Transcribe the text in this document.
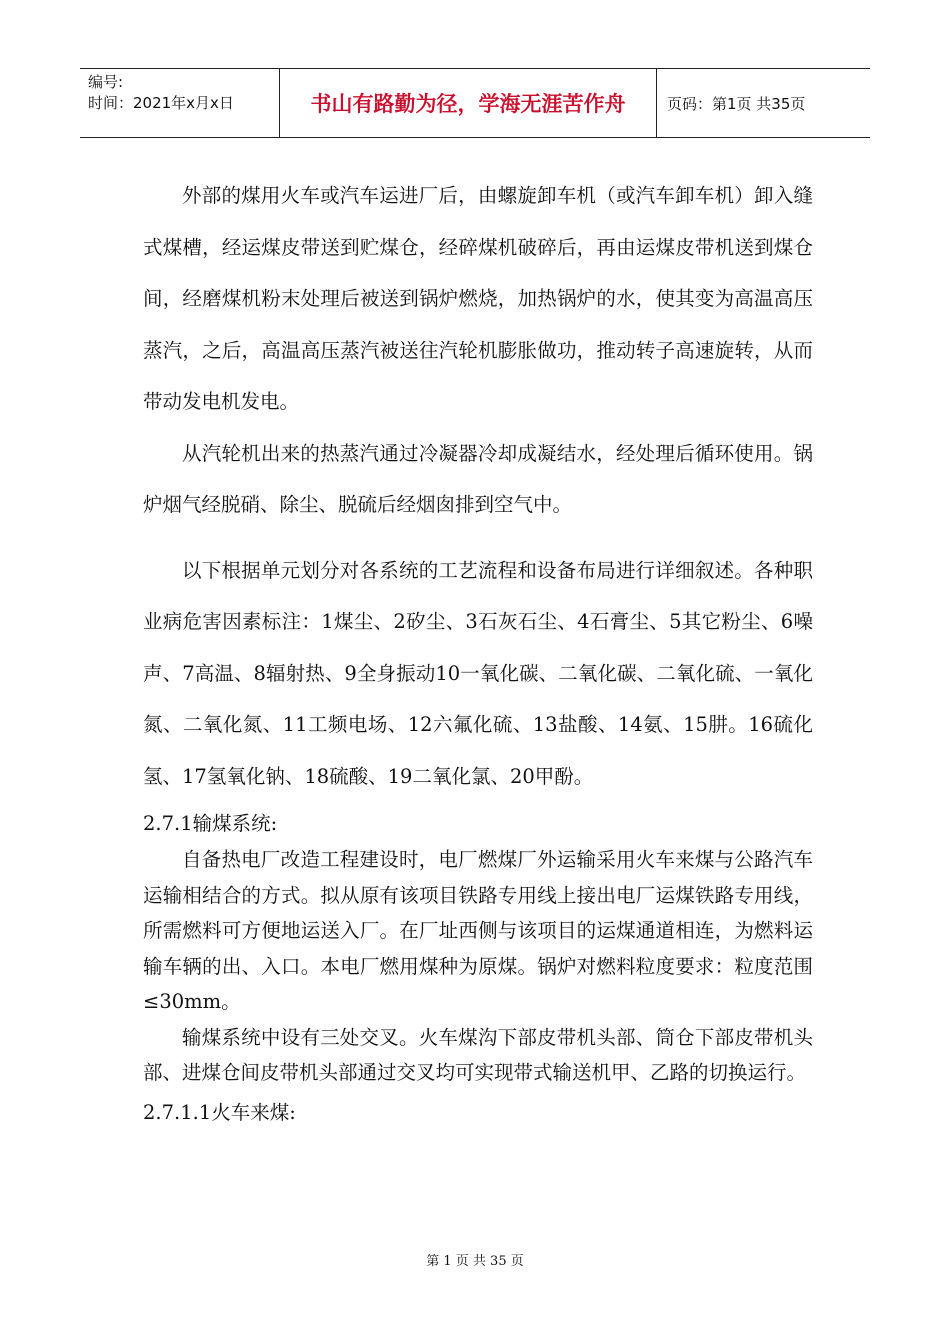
编号:
时间：2021年x月x日	书山有路勤为径，学海无涯苦作舟	页码：第1页 共35页

外部的煤用火车或汽车运进厂后，由螺旋卸车机（或汽车卸车机）卸入缝式煤槽，经运煤皮带送到贮煤仓，经碎煤机破碎后，再由运煤皮带机送到煤仓间，经磨煤机粉末处理后被送到锅炉燃烧，加热锅炉的水，使其变为高温高压蒸汽，之后，高温高压蒸汽被送往汽轮机膨胀做功，推动转子高速旋转，从而带动发电机发电。

从汽轮机出来的热蒸汽通过冷凝器冷却成凝结水，经处理后循环使用。锅炉烟气经脱硝、除尘、脱硫后经烟囱排到空气中。

以下根据单元划分对各系统的工艺流程和设备布局进行详细叙述。各种职业病危害因素标注：1煤尘、2矽尘、3石灰石尘、4石膏尘、5其它粉尘、6噪声、7高温、8辐射热、9全身振动10一氧化碳、二氧化碳、二氧化硫、一氧化氮、二氧化氮、11工频电场、12六氟化硫、13盐酸、14氨、15肼。16硫化氢、17氢氧化钠、18硫酸、19二氧化氯、20甲酚。

2.7.1输煤系统:

自备热电厂改造工程建设时，电厂燃煤厂外运输采用火车来煤与公路汽车运输相结合的方式。拟从原有该项目铁路专用线上接出电厂运煤铁路专用线，所需燃料可方便地运送入厂。在厂址西侧与该项目的运煤通道相连，为燃料运输车辆的出、入口。本电厂燃用煤种为原煤。锅炉对燃料粒度要求：粒度范围≤30mm。

输煤系统中设有三处交叉。火车煤沟下部皮带机头部、筒仓下部皮带机头部、进煤仓间皮带机头部通过交叉均可实现带式输送机甲、乙路的切换运行。

2.7.1.1火车来煤:

第 1 页 共 35 页
